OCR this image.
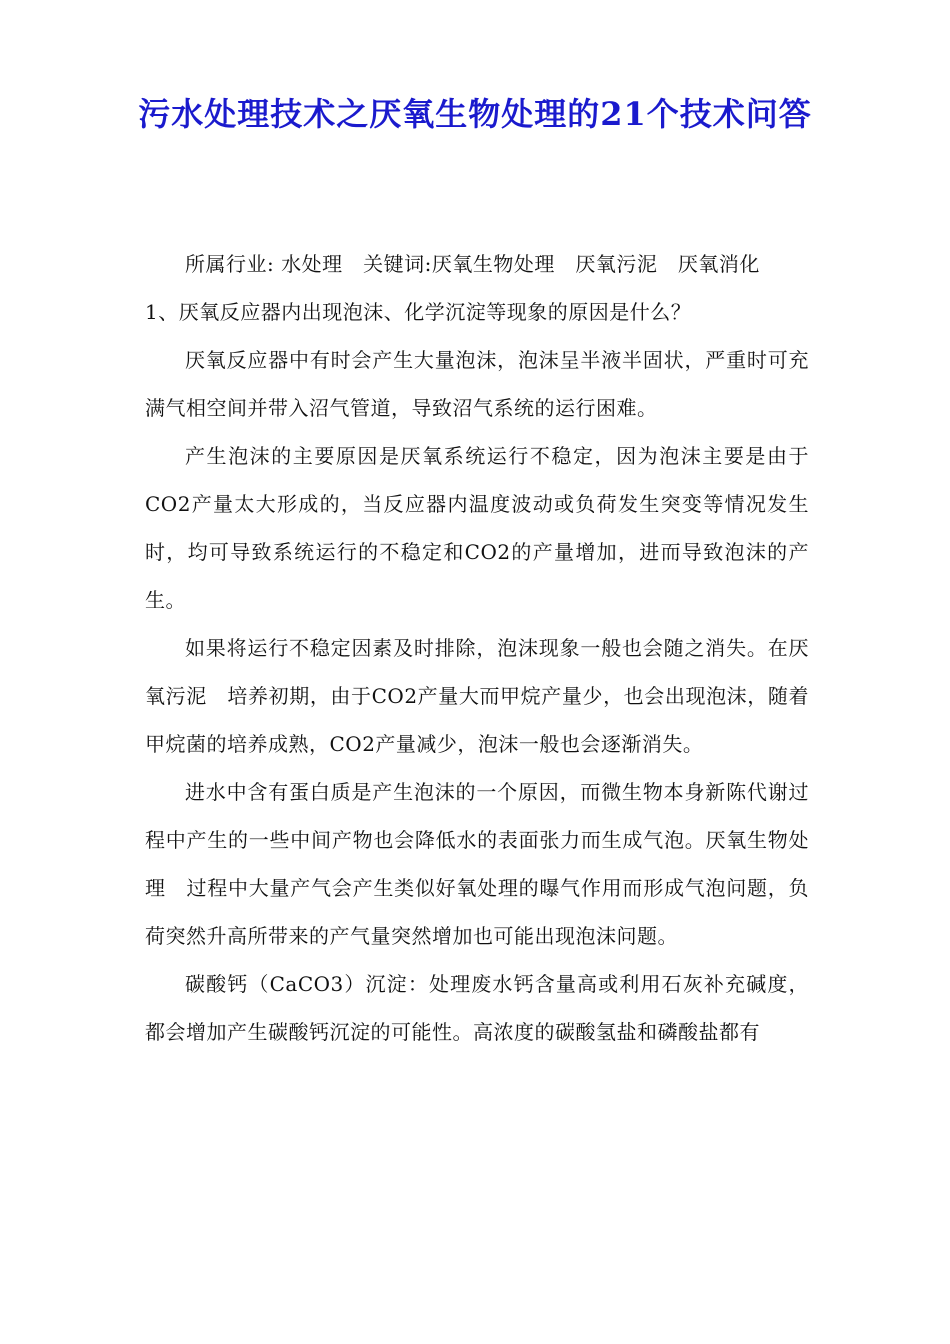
污水处理技术之厌氧生物处理的21个技术问答

所属行业: 水处理　关键词:厌氧生物处理　厌氧污泥　厌氧消化

1、厌氧反应器内出现泡沫、化学沉淀等现象的原因是什么？

厌氧反应器中有时会产生大量泡沫，泡沫呈半液半固状，严重时可充满气相空间并带入沼气管道，导致沼气系统的运行困难。

产生泡沫的主要原因是厌氧系统运行不稳定，因为泡沫主要是由于CO2产量太大形成的，当反应器内温度波动或负荷发生突变等情况发生时，均可导致系统运行的不稳定和CO2的产量增加，进而导致泡沫的产生。

如果将运行不稳定因素及时排除，泡沫现象一般也会随之消失。在厌氧污泥　培养初期，由于CO2产量大而甲烷产量少，也会出现泡沫，随着甲烷菌的培养成熟，CO2产量减少，泡沫一般也会逐渐消失。

进水中含有蛋白质是产生泡沫的一个原因，而微生物本身新陈代谢过程中产生的一些中间产物也会降低水的表面张力而生成气泡。厌氧生物处理　过程中大量产气会产生类似好氧处理的曝气作用而形成气泡问题，负荷突然升高所带来的产气量突然增加也可能出现泡沫问题。

碳酸钙（CaCO3）沉淀：处理废水钙含量高或利用石灰补充碱度，都会增加产生碳酸钙沉淀的可能性。高浓度的碳酸氢盐和磷酸盐都有
